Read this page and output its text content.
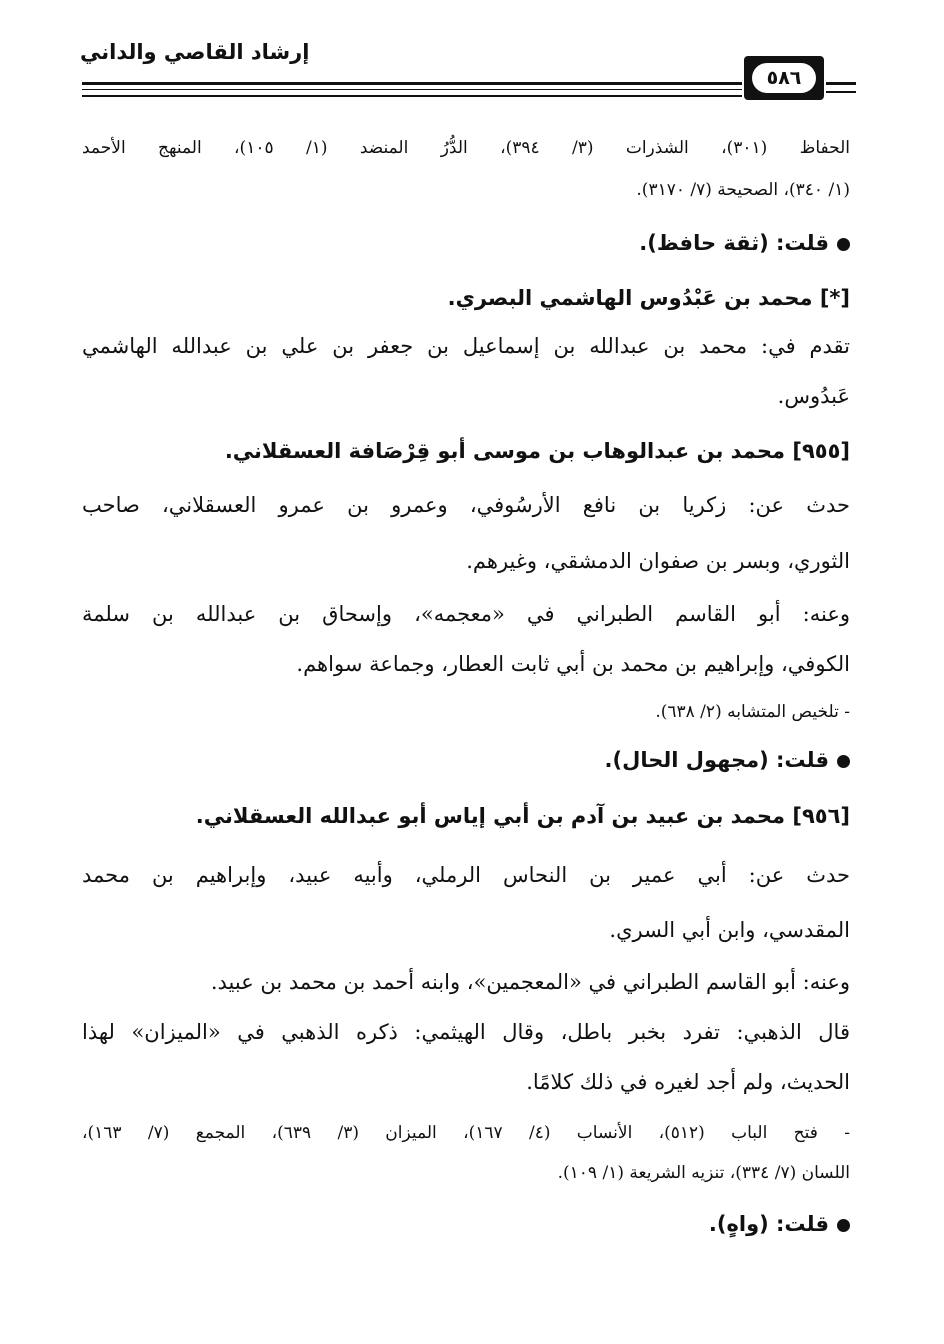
إرشاد القاصي والداني
٥٨٦
الحفاظ (٣٠١)، الشذرات (٣/ ٣٩٤)، الدُّرُ المنضد (١/ ١٠٥)، المنهج الأحمد
(١/ ٣٤٠)، الصحيحة (٧/ ٣١٧٠).
قلت: (ثقة حافظ).
[*] محمد بن عَبْدُوس الهاشمي البصري.
تقدم في: محمد بن عبدالله بن إسماعيل بن جعفر بن علي بن عبدالله الهاشمي
عَبدُوس.
[٩٥٥] محمد بن عبدالوهاب بن موسى أبو قِرْصَافة العسقلاني.
حدث عن: زكريا بن نافع الأرسُوفي، وعمرو بن عمرو العسقلاني، صاحب
الثوري، وبسر بن صفوان الدمشقي، وغيرهم.
وعنه: أبو القاسم الطبراني في «معجمه»، وإسحاق بن عبدالله بن سلمة
الكوفي، وإبراهيم بن محمد بن أبي ثابت العطار، وجماعة سواهم.
- تلخيص المتشابه (٢/ ٦٣٨).
قلت: (مجهول الحال).
[٩٥٦] محمد بن عبيد بن آدم بن أبي إياس أبو عبدالله العسقلاني.
حدث عن: أبي عمير بن النحاس الرملي، وأبيه عبيد، وإبراهيم بن محمد
المقدسي، وابن أبي السري.
وعنه: أبو القاسم الطبراني في «المعجمين»، وابنه أحمد بن محمد بن عبيد.
قال الذهبي: تفرد بخبر باطل، وقال الهيثمي: ذكره الذهبي في «الميزان» لهذا
الحديث، ولم أجد لغيره في ذلك كلامًا.
- فتح الباب (٥١٢)، الأنساب (٤/ ١٦٧)، الميزان (٣/ ٦٣٩)، المجمع (٧/ ١٦٣)،
اللسان (٧/ ٣٣٤)، تنزيه الشريعة (١/ ١٠٩).
قلت: (واهٍ).
